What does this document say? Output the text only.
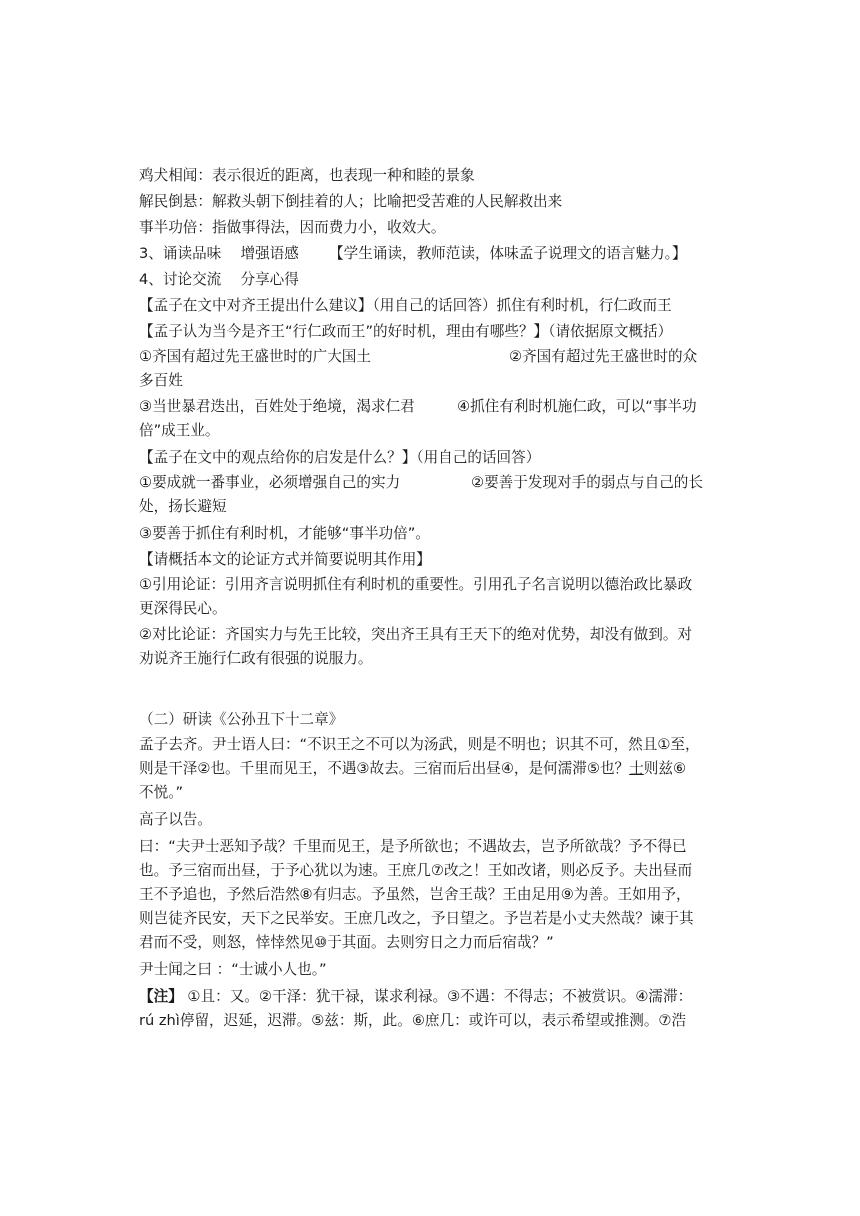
鸡犬相闻：表示很近的距离，也表现一种和睦的景象
解民倒悬：解救头朝下倒挂着的人；比喻把受苦难的人民解救出来
事半功倍：指做事得法，因而费力小，收效大。
3、诵读品味　 增强语感 【学生诵读，教师范读，体味孟子说理文的语言魅力。】
4、讨论交流　 分享心得
【孟子在文中对齐王提出什么建议】（用自己的话回答）抓住有利时机，行仁政而王
【孟子认为当今是齐王“行仁政而王”的好时机，理由有哪些？】（请依据原文概括）
①齐国有超过先王盛世时的广大国土	②齐国有超过先王盛世时的众
多百姓
③当世暴君迭出，百姓处于绝境，渴求仁君	④抓住有利时机施仁政，可以“事半功
倍”成王业。
【孟子在文中的观点给你的启发是什么？】（用自己的话回答）
①要成就一番事业，必须增强自己的实力	②要善于发现对手的弱点与自己的长
处，扬长避短
③要善于抓住有利时机，才能够“事半功倍”。
【请概括本文的论证方式并简要说明其作用】
①引用论证：引用齐言说明抓住有利时机的重要性。引用孔子名言说明以德治政比暴政
更深得民心。
②对比论证：齐国实力与先王比较，突出齐王具有王天下的绝对优势，却没有做到。对
劝说齐王施行仁政有很强的说服力。
（二）研读《公孙丑下十二章》
孟子去齐。尹士语人曰：“不识王之不可以为汤武，则是不明也；识其不可，然且①至，
则是干泽②也。千里而见王，不遇③故去。三宿而后出昼④，是何濡滞⑤也？士则兹⑥
不悦。”
高子以告。
曰：“夫尹士恶知予哉？千里而见王，是予所欲也；不遇故去，岂予所欲哉？予不得已
也。予三宿而出昼，于予心犹以为速。王庶几⑦改之！王如改诸，则必反予。夫出昼而
王不予追也，予然后浩然⑧有归志。予虽然，岂舍王哉？王由足用⑨为善。王如用予，
则岂徒齐民安，天下之民举安。王庶几改之，予日望之。予岂若是小丈夫然哉？谏于其
君而不受，则怒，悻悻然见⑩于其面。去则穷日之力而后宿哉？”
尹士闻之曰 ：“士诚小人也。”
【注】 ①且：又。②干泽：犹干禄，谋求利禄。③不遇：不得志；不被赏识。④濡滞：
rú zhì停留，迟延，迟滞。⑤兹：斯，此。⑥庶几：或许可以，表示希望或推测。⑦浩
